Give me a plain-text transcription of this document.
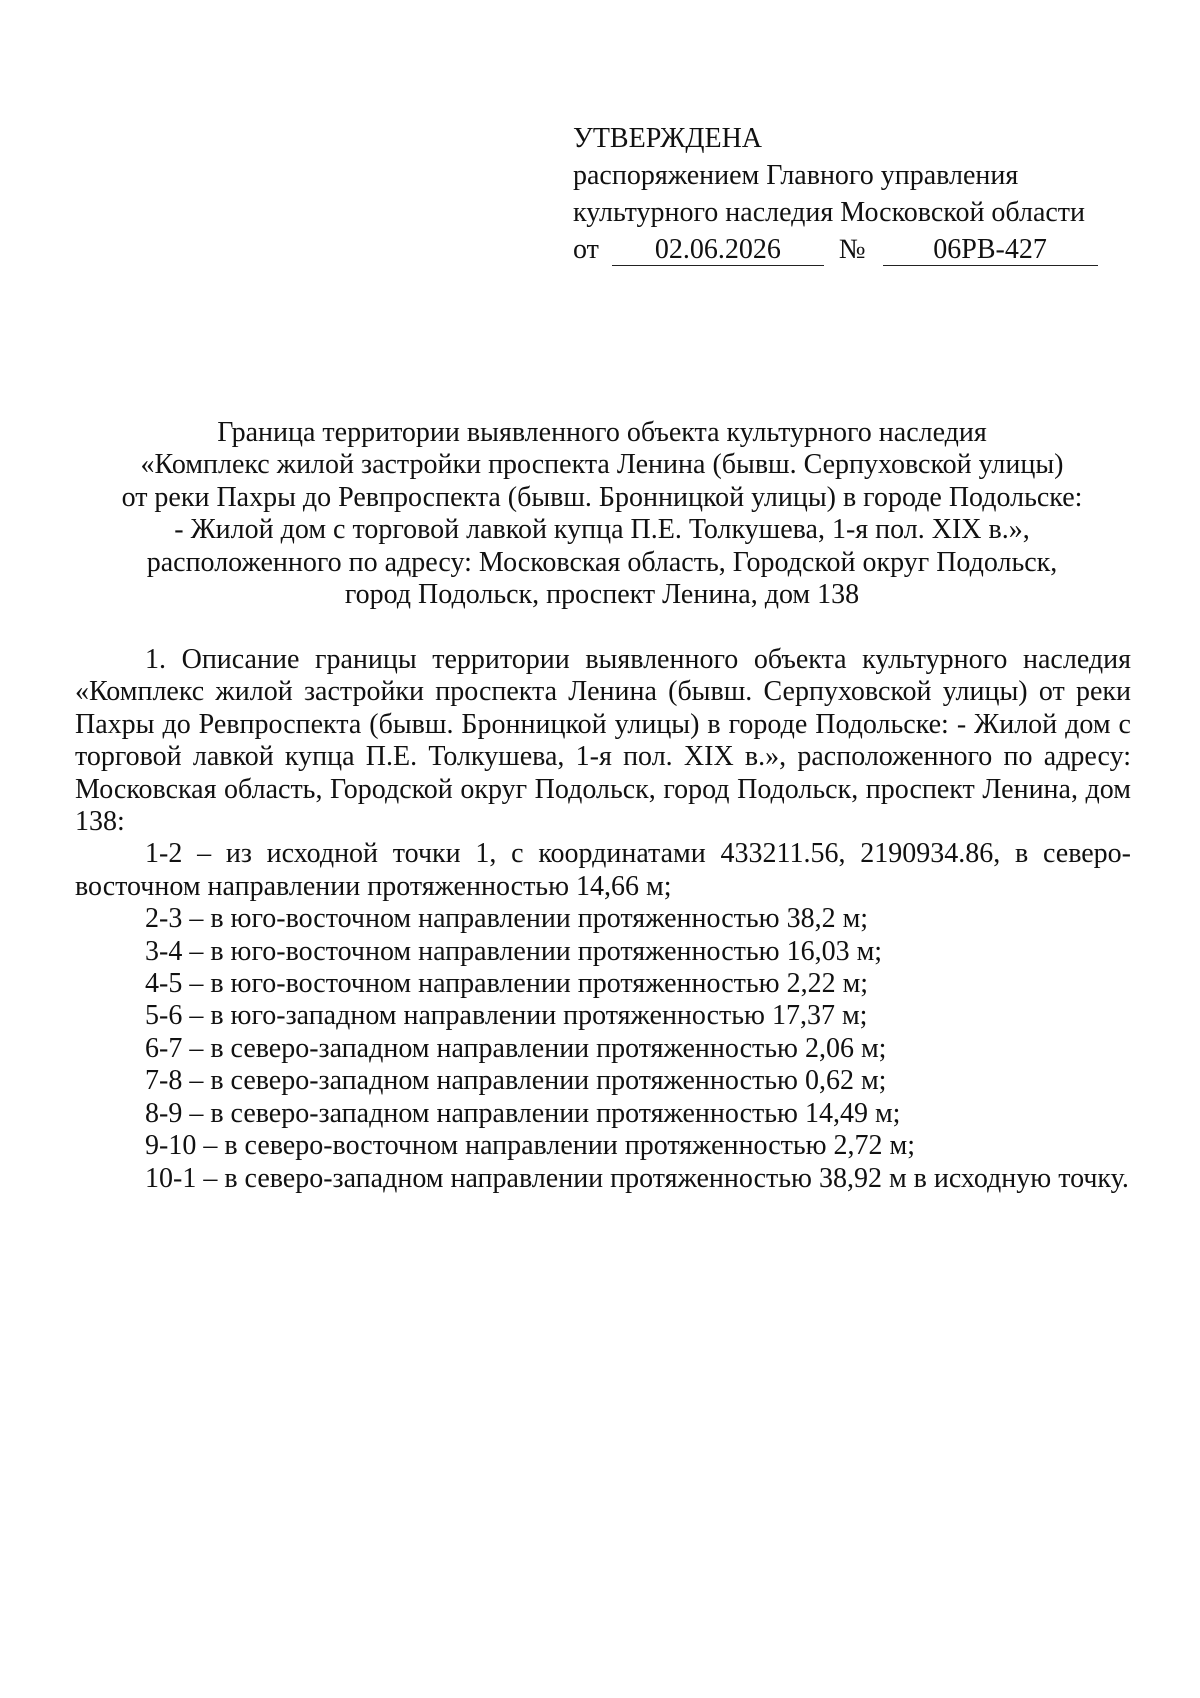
УТВЕРЖДЕНА
распоряжением Главного управления
культурного наследия Московской области
от 02.06.2026 № 06РВ-427
Граница территории выявленного объекта культурного наследия
«Комплекс жилой застройки проспекта Ленина (бывш. Серпуховской улицы)
от реки Пахры до Ревпроспекта (бывш. Бронницкой улицы) в городе Подольске:
- Жилой дом с торговой лавкой купца П.Е. Толкушева, 1-я пол. XIX в.»,
расположенного по адресу: Московская область, Городской округ Подольск,
город Подольск, проспект Ленина, дом 138

1. Описание границы территории выявленного объекта культурного наследия «Комплекс жилой застройки проспекта Ленина (бывш. Серпуховской улицы) от реки Пахры до Ревпроспекта (бывш. Бронницкой улицы) в городе Подольске: - Жилой дом с торговой лавкой купца П.Е. Толкушева, 1-я пол. XIX в.», расположенного по адресу: Московская область, Городской округ Подольск, город Подольск, проспект Ленина, дом 138:

1-2 – из исходной точки 1, с координатами 433211.56, 2190934.86, в северо-восточном направлении протяженностью 14,66 м;

2-3 – в юго-восточном направлении протяженностью 38,2 м;

3-4 – в юго-восточном направлении протяженностью 16,03 м;

4-5 – в юго-восточном направлении протяженностью 2,22 м;

5-6 – в юго-западном направлении протяженностью 17,37 м;

6-7 – в северо-западном направлении протяженностью 2,06 м;

7-8 – в северо-западном направлении протяженностью 0,62 м;

8-9 – в северо-западном направлении протяженностью 14,49 м;

9-10 – в северо-восточном направлении протяженностью 2,72 м;

10-1 – в северо-западном направлении протяженностью 38,92 м в исходную точку.
